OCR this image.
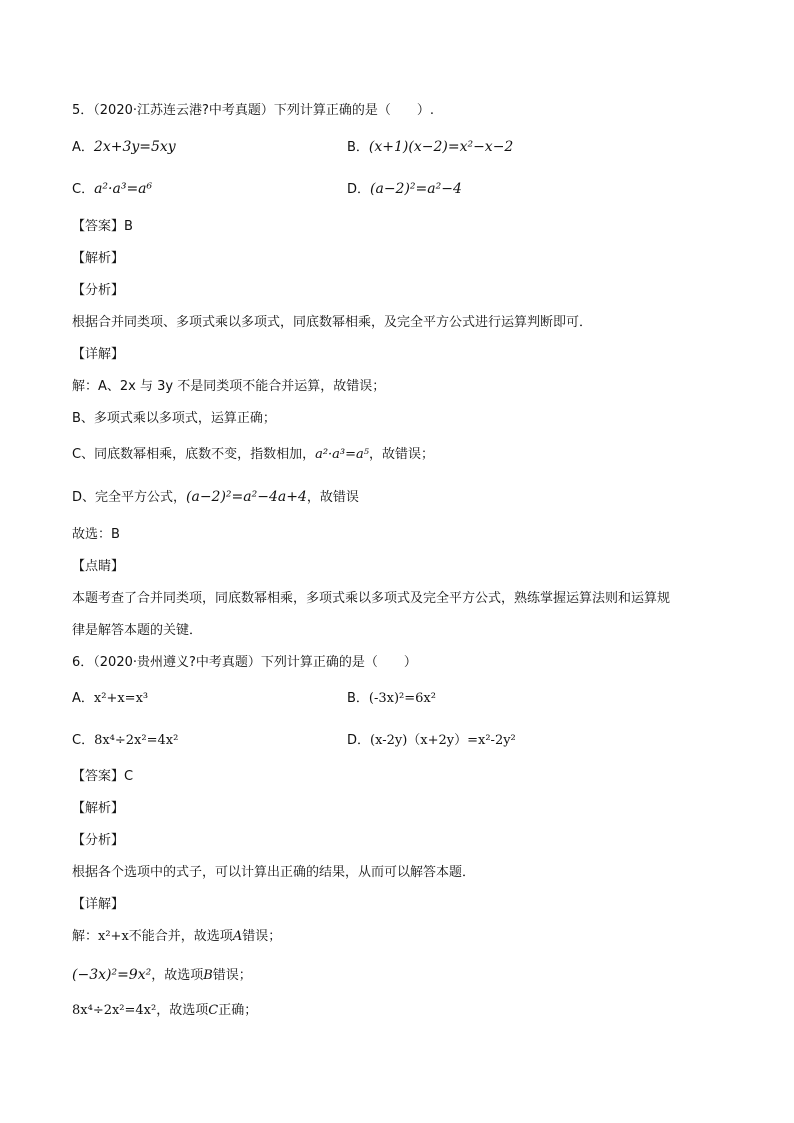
5．（2020·江苏连云港?中考真题）下列计算正确的是（　　）.
A．2x+3y=5xy	B．(x+1)(x−2)=x²−x−2
C．a²·a³=a⁶	D．(a−2)²=a²−4
【答案】B
【解析】
【分析】
根据合并同类项、多项式乘以多项式，同底数幂相乘，及完全平方公式进行运算判断即可．
【详解】
解：A、2x 与 3y 不是同类项不能合并运算，故错误；
B、多项式乘以多项式，运算正确；
C、同底数幂相乘，底数不变，指数相加，a²·a³=a⁵，故错误；
D、完全平方公式，(a−2)²=a²−4a+4，故错误
故选：B
【点睛】
本题考查了合并同类项，同底数幂相乘，多项式乘以多项式及完全平方公式，熟练掌握运算法则和运算规
律是解答本题的关键．
6．（2020·贵州遵义?中考真题）下列计算正确的是（　　）
A．x²+x=x³	B．(-3x)²=6x²
C．8x⁴÷2x²=4x²	D．(x-2y)（x+2y）=x²-2y²
【答案】C
【解析】
【分析】
根据各个选项中的式子，可以计算出正确的结果，从而可以解答本题．
【详解】
解：x²+x不能合并，故选项A错误；
(−3x)²=9x²，故选项B错误；
8x⁴÷2x²=4x²，故选项C正确；
